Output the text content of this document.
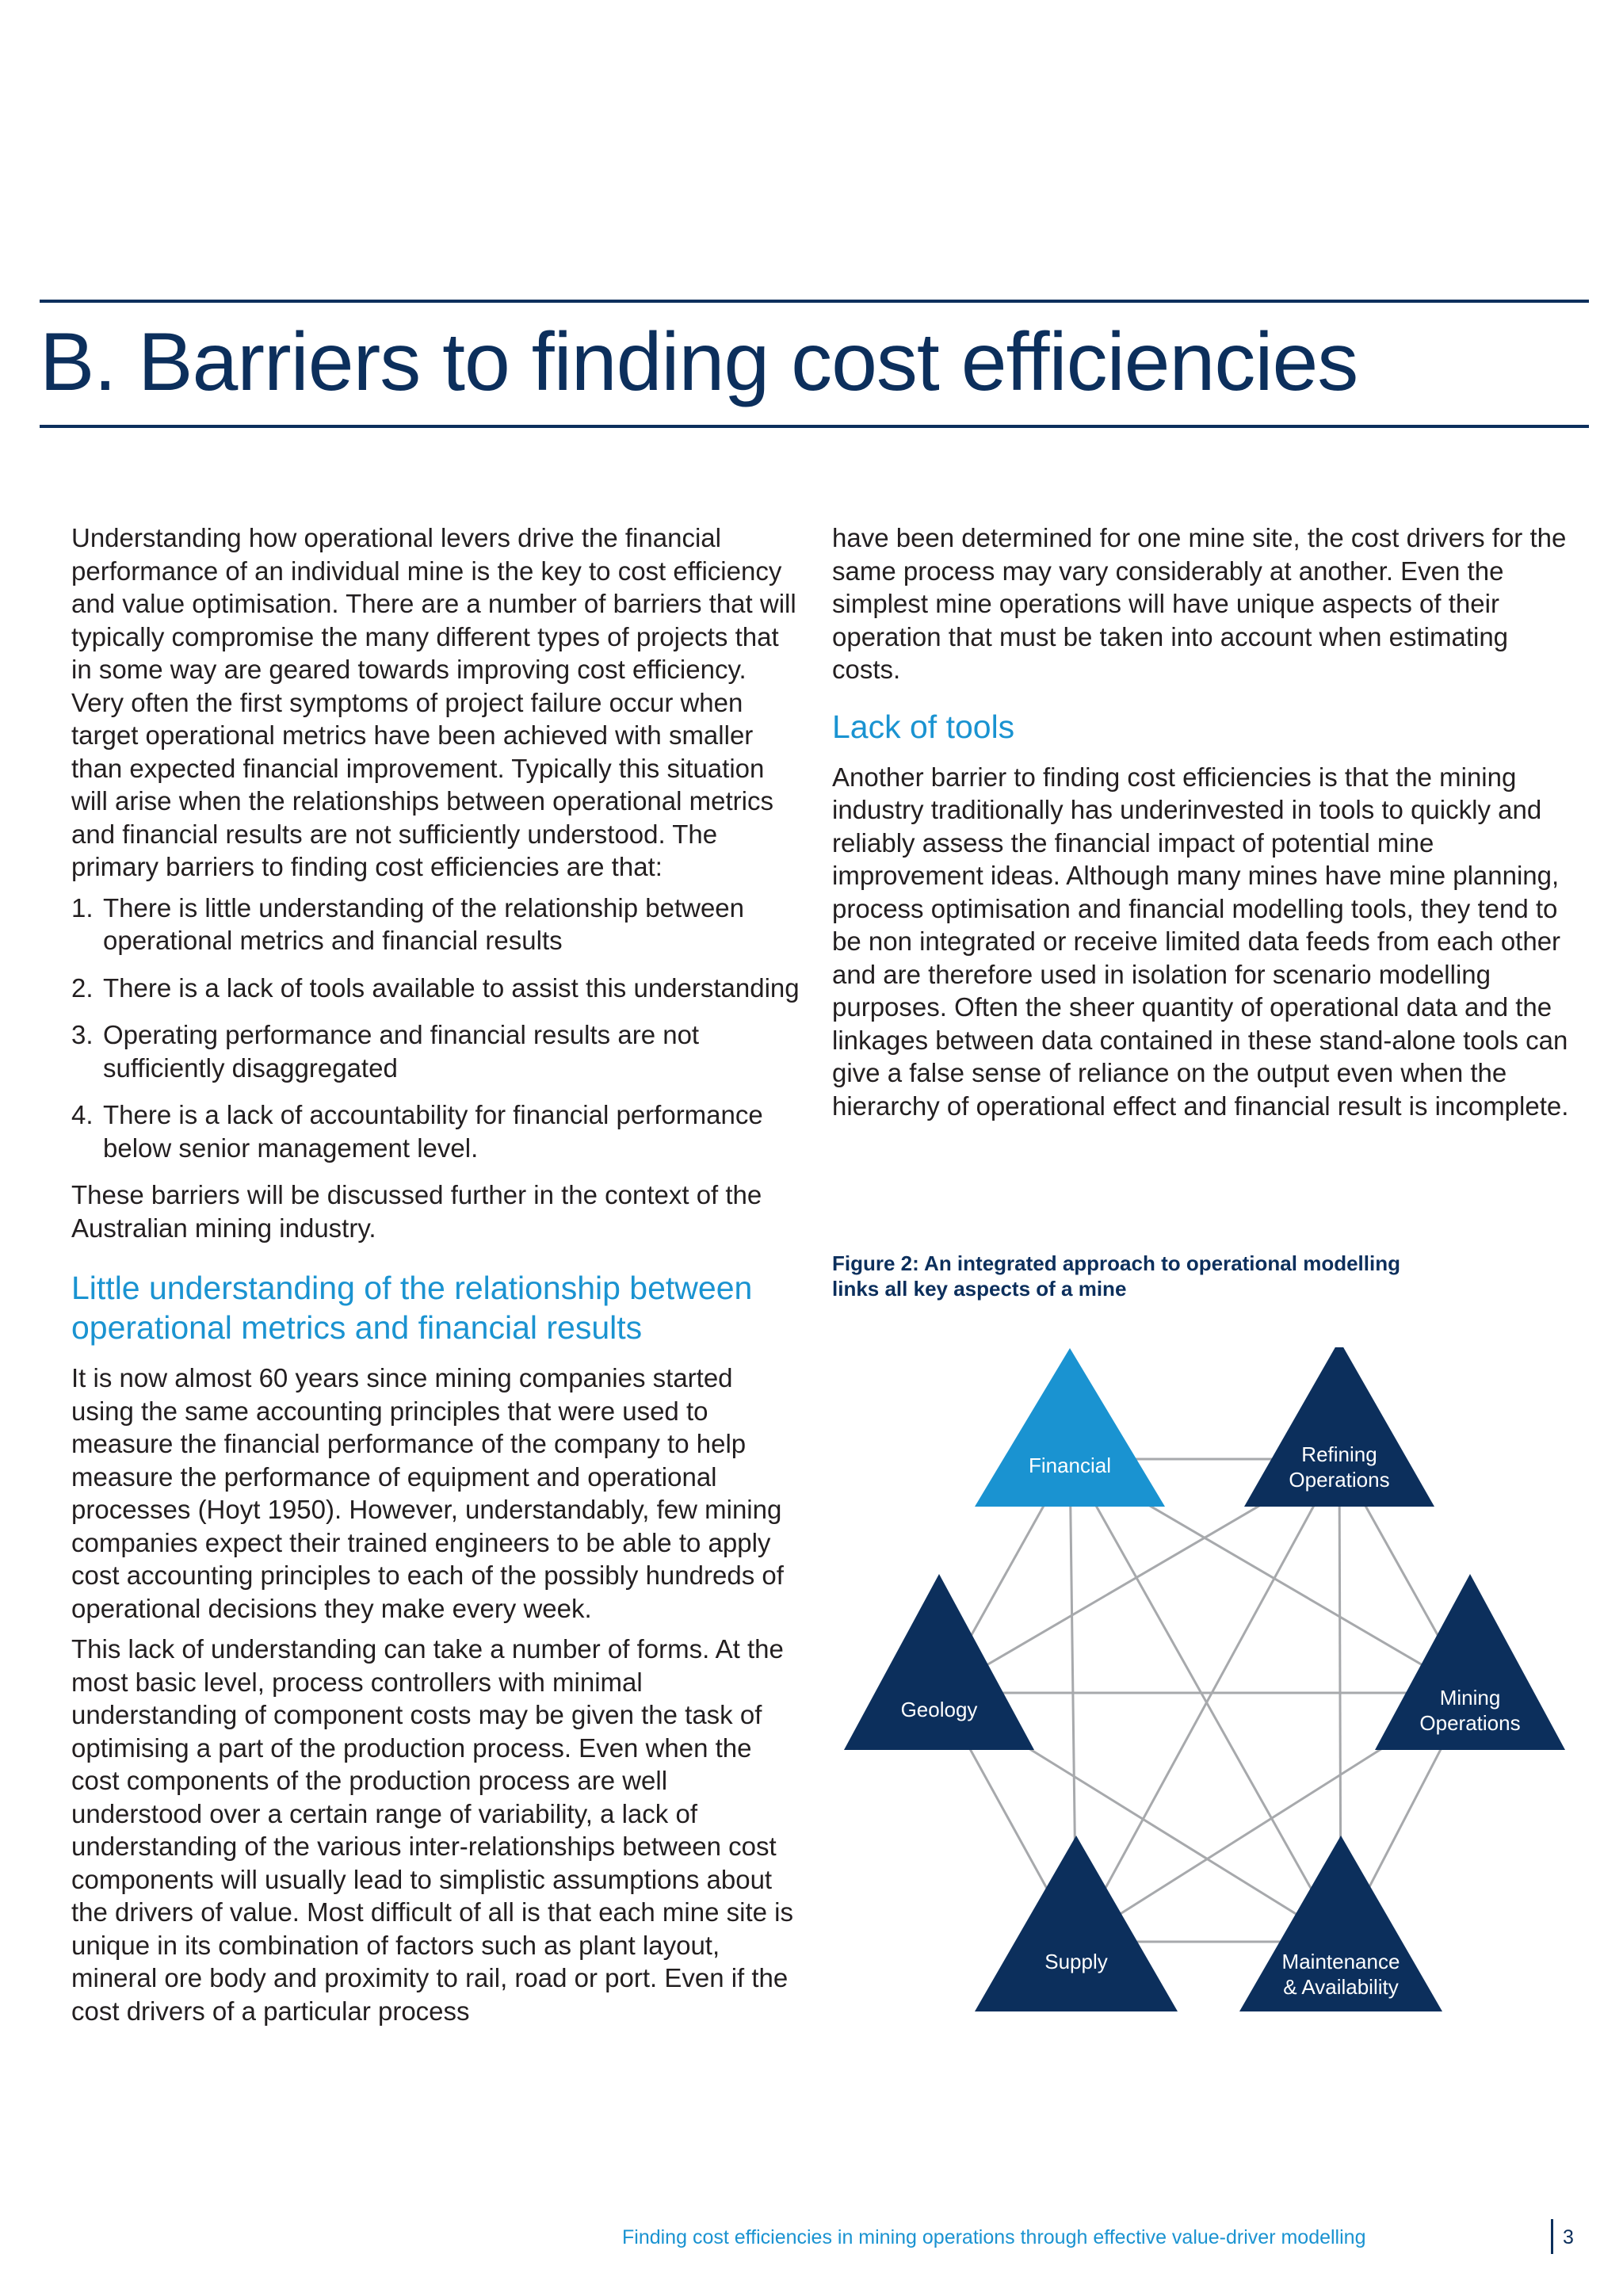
B. Barriers to finding cost efficiencies

Understanding how operational levers drive the financial performance of an individual mine is the key to cost efficiency and value optimisation. There are a number of barriers that will typically compromise the many different types of projects that in some way are geared towards improving cost efficiency. Very often the first symptoms of project failure occur when target operational metrics have been achieved with smaller than expected financial improvement. Typically this situation will arise when the relationships between operational metrics and financial results are not sufficiently understood. The primary barriers to finding cost efficiencies are that:

1. There is little understanding of the relationship between operational metrics and financial results
2. There is a lack of tools available to assist this understanding
3. Operating performance and financial results are not sufficiently disaggregated
4. There is a lack of accountability for financial performance below senior management level.

These barriers will be discussed further in the context of the Australian mining industry.

Little understanding of the relationship between operational metrics and financial results

It is now almost 60 years since mining companies started using the same accounting principles that were used to measure the financial performance of the company to help measure the performance of equipment and operational processes (Hoyt 1950). However, understandably, few mining companies expect their trained engineers to be able to apply cost accounting principles to each of the possibly hundreds of operational decisions they make every week.

This lack of understanding can take a number of forms. At the most basic level, process controllers with minimal understanding of component costs may be given the task of optimising a part of the production process. Even when the cost components of the production process are well understood over a certain range of variability, a lack of understanding of the various inter-relationships between cost components will usually lead to simplistic assumptions about the drivers of value. Most difficult of all is that each mine site is unique in its combination of factors such as plant layout, mineral ore body and proximity to rail, road or port. Even if the cost drivers of a particular process

have been determined for one mine site, the cost drivers for the same process may vary considerably at another. Even the simplest mine operations will have unique aspects of their operation that must be taken into account when estimating costs.

Lack of tools

Another barrier to finding cost efficiencies is that the mining industry traditionally has underinvested in tools to quickly and reliably assess the financial impact of potential mine improvement ideas. Although many mines have mine planning, process optimisation and financial modelling tools, they tend to be non integrated or receive limited data feeds from each other and are therefore used in isolation for scenario modelling purposes. Often the sheer quantity of operational data and the linkages between data contained in these stand-alone tools can give a false sense of reliance on the output even when the hierarchy of operational effect and financial result is incomplete.

Figure 2: An integrated approach to operational modelling
links all key aspects of a mine
Financial	Refining
Operations
Geology	Mining
Operations
Supply	Maintenance
& Availability
Finding cost efficiencies in mining operations through effective value-driver modelling	3
